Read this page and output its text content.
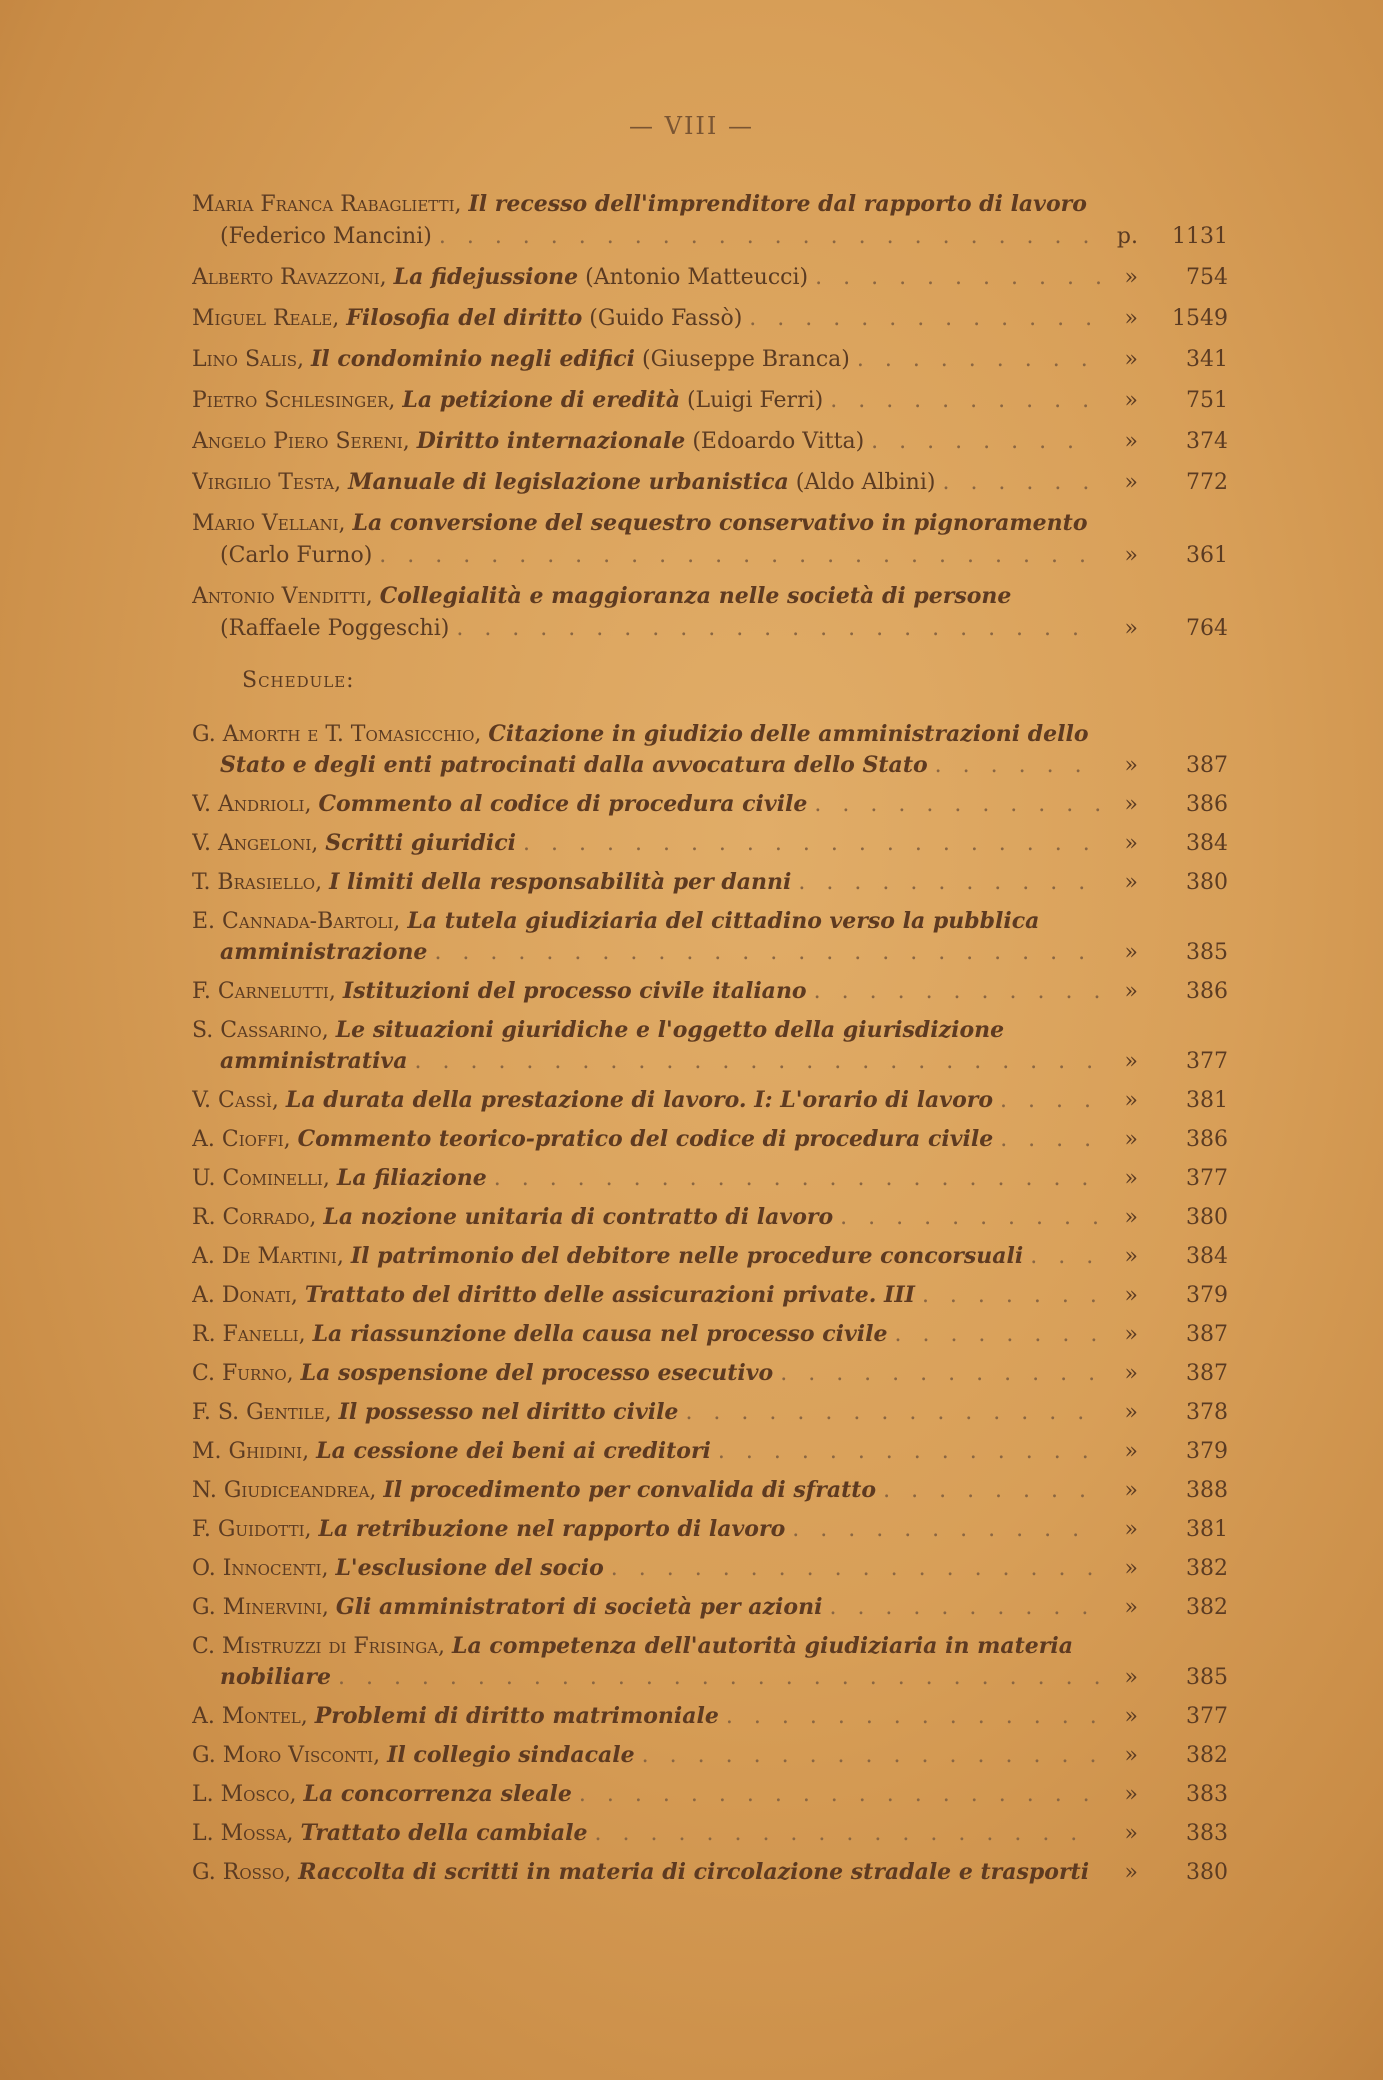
— VIII —
Maria Franca Rabaglietti, Il recesso dell'imprenditore dal rapporto di lavoro (Federico Mancini) . . . . . . . . . . . . . . . . . . . . . . . .	p.	1131
Alberto Ravazzoni, La fidejussione (Antonio Matteucci) . . . . . . . . . . .	»	754
Miguel Reale, Filosofia del diritto (Guido Fassò) . . . . . . . . . . . . .	»	1549
Lino Salis, Il condominio negli edifici (Giuseppe Branca) . . . . . . . . .	»	341
Pietro Schlesinger, La petizione di eredità (Luigi Ferri) . . . . . . . . . .	»	751
Angelo Piero Sereni, Diritto internazionale (Edoardo Vitta) . . . . . . . .	»	374
Virgilio Testa, Manuale di legislazione urbanistica (Aldo Albini) . . . . . .	»	772
Mario Vellani, La conversione del sequestro conservativo in pignoramento (Carlo Furno) . . . . . . . . . . . . . . . . . . . . . . . . . .	»	361
Antonio Venditti, Collegialità e maggioranza nelle società di persone (Raffaele Poggeschi) . . . . . . . . . . . . . . . . . . . . . . .	»	764
Schedule:
G. Amorth e T. Tomasicchio, Citazione in giudizio delle amministrazioni dello Stato e degli enti patrocinati dalla avvocatura dello Stato . . . . . .	»	387
V. Andrioli, Commento al codice di procedura civile . . . . . . . . . . .	»	386
V. Angeloni, Scritti giuridici . . . . . . . . . . . . . . . . . . . . .	»	384
T. Brasiello, I limiti della responsabilità per danni . . . . . . . . . . .	»	380
E. Cannada-Bartoli, La tutela giudiziaria del cittadino verso la pubblica amministrazione . . . . . . . . . . . . . . . . . . . . . . . .	»	385
F. Carnelutti, Istituzioni del processo civile italiano . . . . . . . . . . .	»	386
S. Cassarino, Le situazioni giuridiche e l'oggetto della giurisdizione amministrativa . . . . . . . . . . . . . . . . . . . . . . . . .	»	377
V. Cassì, La durata della prestazione di lavoro. I: L'orario di lavoro . . . .	»	381
A. Cioffi, Commento teorico-pratico del codice di procedura civile . . . .	»	386
U. Cominelli, La filiazione . . . . . . . . . . . . . . . . . . . . . .	»	377
R. Corrado, La nozione unitaria di contratto di lavoro . . . . . . . . . .	»	380
A. De Martini, Il patrimonio del debitore nelle procedure concorsuali . . .	»	384
A. Donati, Trattato del diritto delle assicurazioni private. III . . . . . . .	»	379
R. Fanelli, La riassunzione della causa nel processo civile . . . . . . . .	»	387
C. Furno, La sospensione del processo esecutivo . . . . . . . . . . . .	»	387
F. S. Gentile, Il possesso nel diritto civile . . . . . . . . . . . . . . .	»	378
M. Ghidini, La cessione dei beni ai creditori . . . . . . . . . . . . . .	»	379
N. Giudiceandrea, Il procedimento per convalida di sfratto . . . . . . . .	»	388
F. Guidotti, La retribuzione nel rapporto di lavoro . . . . . . . . . . .	»	381
O. Innocenti, L'esclusione del socio . . . . . . . . . . . . . . . . . .	»	382
G. Minervini, Gli amministratori di società per azioni . . . . . . . . . .	»	382
C. Mistruzzi di Frisinga, La competenza dell'autorità giudiziaria in materia nobiliare . . . . . . . . . . . . . . . . . . . . . . . . . . . .	»	385
A. Montel, Problemi di diritto matrimoniale . . . . . . . . . . . . . .	»	377
G. Moro Visconti, Il collegio sindacale . . . . . . . . . . . . . . . . .	»	382
L. Mosco, La concorrenza sleale . . . . . . . . . . . . . . . . . . .	»	383
L. Mossa, Trattato della cambiale . . . . . . . . . . . . . . . . . .	»	383
G. Rosso, Raccolta di scritti in materia di circolazione stradale e trasporti	»	380
